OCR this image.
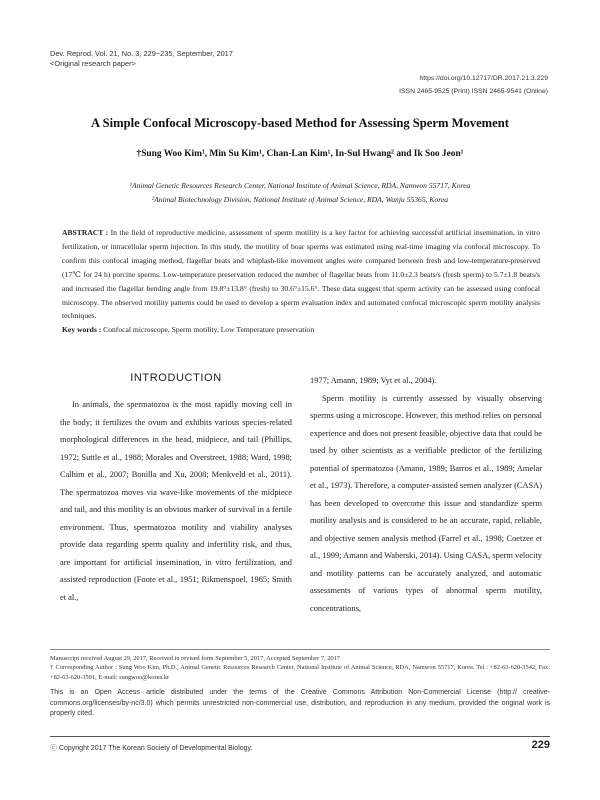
Dev. Reprod. Vol. 21, No. 3, 229~235, September, 2017
<Original research paper>
https://doi.org/10.12717/DR.2017.21.3.229
ISSN 2465-9525 (Print) ISSN 2465-9541 (Online)
A Simple Confocal Microscopy-based Method for Assessing Sperm Movement
†Sung Woo Kim¹, Min Su Kim¹, Chan-Lan Kim¹, In-Sul Hwang² and Ik Soo Jeon¹
¹Animal Genetic Resources Research Center, National Institute of Animal Science, RDA, Namwon 55717, Korea
²Animal Biotechnology Division, National Institute of Animal Science, RDA, Wanju 55365, Korea
ABSTRACT : In the field of reproductive medicine, assessment of sperm motility is a key factor for achieving successful artificial insemination, in vitro fertilization, or intracellular sperm injection. In this study, the motility of boar sperms was estimated using real-time imaging via confocal microscopy. To confirm this confocal imaging method, flagellar beats and whiplash-like movement angles were compared between fresh and low-temperature-preserved (17℃ for 24 h) porcine sperms. Low-temperature preservation reduced the number of flagellar beats from 11.0±2.3 beats/s (fresh sperm) to 5.7±1.8 beats/s and increased the flagellar bending angle from 19.8°±13.8° (fresh) to 30.6°±15.6°. These data suggest that sperm activity can be assessed using confocal microscopy. The observed motility patterns could be used to develop a sperm evaluation index and automated confocal microscopic sperm motility analysis techniques.
Key words : Confocal microscope, Sperm motility, Low Temperature preservation
INTRODUCTION

In animals, the spermatozoa is the most rapidly moving cell in the body; it fertilizes the ovum and exhibits various species-related morphological differences in the head, midpiece, and tail (Phillips, 1972; Suttle et al., 1988; Morales and Overstreet, 1988; Ward, 1998; Calhim et al., 2007; Bonilla and Xu, 2008; Menkveld et al., 2011). The spermatozoa moves via wave-like movements of the midpiece and tail, and this motility is an obvious marker of survival in a fertile environment. Thus, spermatozoa motility and viability analyses provide data regarding sperm quality and infertility risk, and thus, are important for artificial insemination, in vitro fertilization, and assisted reproduction (Foote et al., 1951; Rikmenspoel, 1965; Smith et al.,

1977; Amann, 1989; Vyt et al., 2004).

Sperm motility is currently assessed by visually observing sperms using a microscope. However, this method relies on personal experience and does not present feasible, objective data that could be used by other scientists as a verifiable predictor of the fertilizing potential of spermatozoa (Amann, 1989; Barros et al., 1989; Amelar et al., 1973). Therefore, a computer-assisted semen analyzer (CASA) has been developed to overcome this issue and standardize sperm motility analysis and is considered to be an accurate, rapid, reliable, and objective semen analysis method (Farrel et al., 1998; Coetzee et al., 1999; Amann and Waberski, 2014). Using CASA, sperm velocity and motility patterns can be accurately analyzed, and automatic assessments of various types of abnormal sperm motility, concentrations,

Manuscript received August 29, 2017, Received in revised form September 5, 2017, Accepted September 7, 2017
† Corresponding Author : Sung Woo Kim, Ph.D., Animal Genetic Resources Research Center, National Institute of Animal Science, RDA, Namwon 55717, Korea. Tel : +82-63-620-3542, Fax: +82-63-620-3591, E-mail: sungwoo@korea.kr
This is an Open Access article distributed under the terms of the Creative Commons Attribution Non-Commercial License (http:// creative-commons.org/licenses/by-nc/3.0) which permits unrestricted non-commercial use, distribution, and reproduction in any medium, provided the original work is properly cited.
ⓒ Copyright 2017 The Korean Society of Developmental Biology.	229
